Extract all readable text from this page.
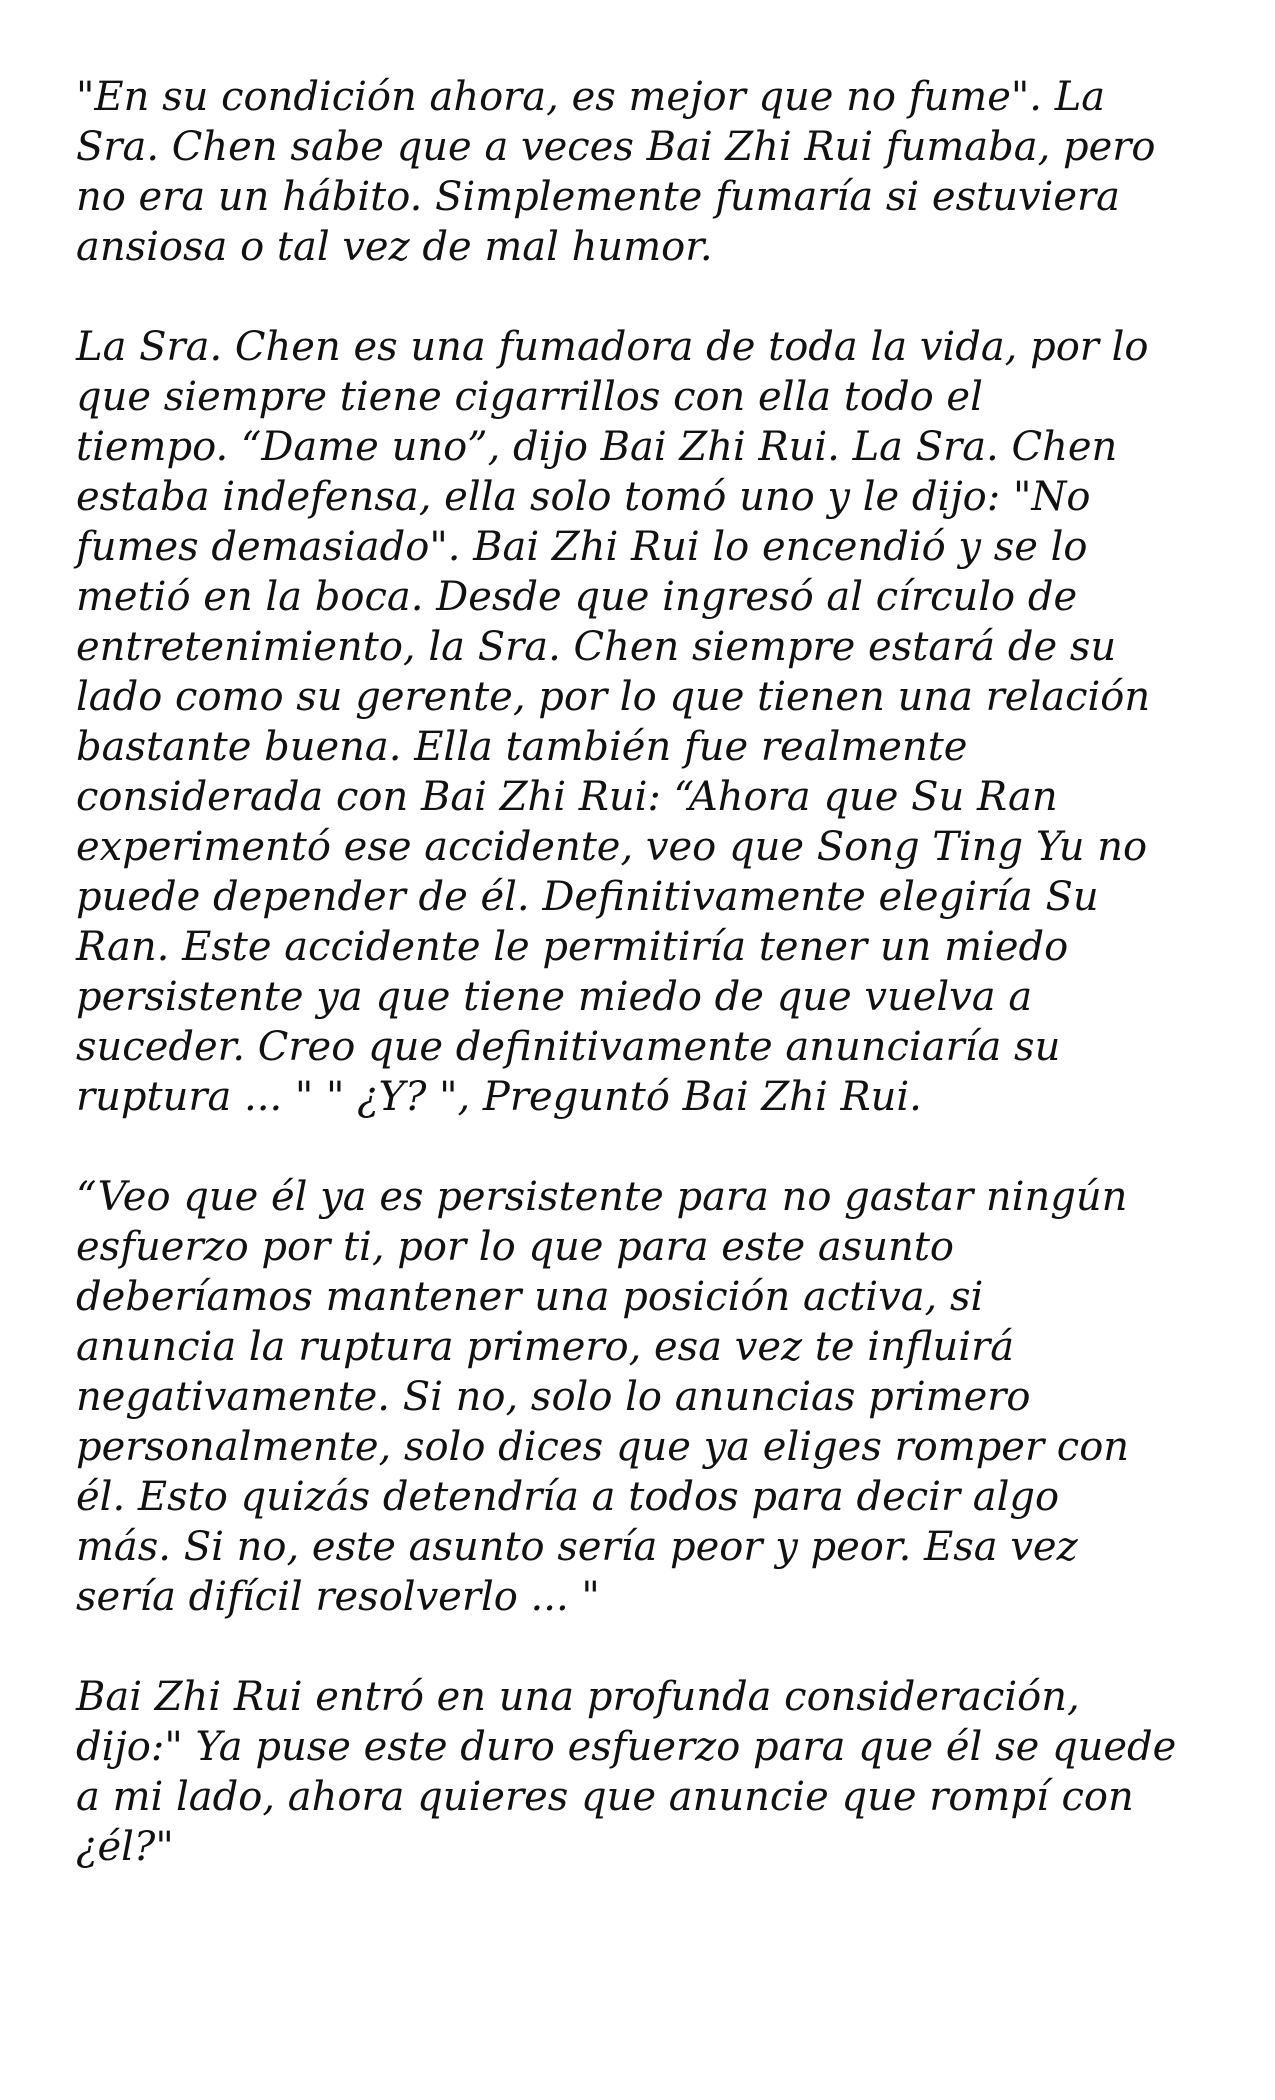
"En su condición ahora, es mejor que no fume". La
Sra. Chen sabe que a veces Bai Zhi Rui fumaba, pero
no era un hábito. Simplemente fumaría si estuviera
ansiosa o tal vez de mal humor.

La Sra. Chen es una fumadora de toda la vida, por lo
que siempre tiene cigarrillos con ella todo el
tiempo. “Dame uno”, dijo Bai Zhi Rui. La Sra. Chen
estaba indefensa, ella solo tomó uno y le dijo: "No
fumes demasiado". Bai Zhi Rui lo encendió y se lo
metió en la boca. Desde que ingresó al círculo de
entretenimiento, la Sra. Chen siempre estará de su
lado como su gerente, por lo que tienen una relación
bastante buena. Ella también fue realmente
considerada con Bai Zhi Rui: “Ahora que Su Ran
experimentó ese accidente, veo que Song Ting Yu no
puede depender de él. Definitivamente elegiría Su
Ran. Este accidente le permitiría tener un miedo
persistente ya que tiene miedo de que vuelva a
suceder. Creo que definitivamente anunciaría su
ruptura ... " " ¿Y? ", Preguntó Bai Zhi Rui.

“Veo que él ya es persistente para no gastar ningún
esfuerzo por ti, por lo que para este asunto
deberíamos mantener una posición activa, si
anuncia la ruptura primero, esa vez te influirá
negativamente. Si no, solo lo anuncias primero
personalmente, solo dices que ya eliges romper con
él. Esto quizás detendría a todos para decir algo
más. Si no, este asunto sería peor y peor. Esa vez
sería difícil resolverlo ... "

Bai Zhi Rui entró en una profunda consideración,
dijo:" Ya puse este duro esfuerzo para que él se quede
a mi lado, ahora quieres que anuncie que rompí con
¿él?"
